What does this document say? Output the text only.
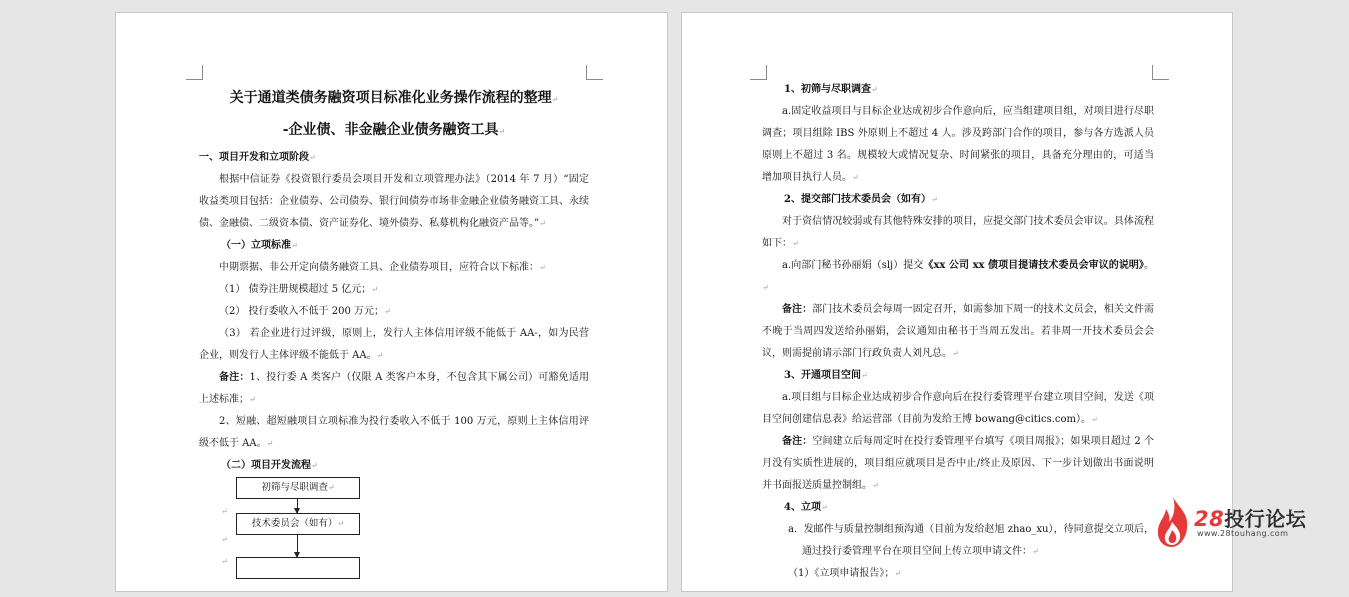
关于通道类债务融资项目标准化业务操作流程的整理↵

-企业债、非金融企业债务融资工具↵

一、项目开发和立项阶段↵

根据中信证券《投资银行委员会项目开发和立项管理办法》（2014 年 7 月）“固定收益类项目包括：企业债券、公司债券、银行间债券市场非金融企业债务融资工具、永续债、金融债、二级资本债、资产证券化、境外债券、私募机构化融资产品等。”↵

（一）立项标准↵

中期票据、非公开定向债务融资工具、企业债券项目，应符合以下标准：↵

（1） 债券注册规模超过 5 亿元；↵

（2） 投行委收入不低于 200 万元；↵

（3） 若企业进行过评级，原则上，发行人主体信用评级不能低于 AA-，如为民营企业，则发行人主体评级不能低于 AA。↵

备注：1、投行委 A 类客户（仅限 A 类客户本身，不包含其下属公司）可豁免适用上述标准；↵

2、短融、超短融项目立项标准为投行委收入不低于 100 万元，原则上主体信用评级不低于 AA。↵

（二）项目开发流程↵

初筛与尽职调查↵
↵
技术委员会（如有）↵
↵
↵

1、初筛与尽职调查↵

a.固定收益项目与目标企业达成初步合作意向后，应当组建项目组，对项目进行尽职调查；项目组除 IBS 外原则上不超过 4 人。涉及跨部门合作的项目，参与各方选派人员原则上不超过 3 名。规模较大或情况复杂、时间紧张的项目，具备充分理由的，可适当增加项目执行人员。↵

2、提交部门技术委员会（如有）↵

对于资信情况较弱或有其他特殊安排的项目，应提交部门技术委员会审议。具体流程如下：↵

a.向部门秘书孙丽娟（slj）提交《xx 公司 xx 债项目提请技术委员会审议的说明》。↵

备注：部门技术委员会每周一固定召开，如需参加下周一的技术文员会，相关文件需不晚于当周四发送给孙丽娟，会议通知由秘书于当周五发出。若非周一开技术委员会会议，则需提前请示部门行政负责人刘凡总。↵

3、开通项目空间↵

a.项目组与目标企业达成初步合作意向后在投行委管理平台建立项目空间，发送《项目空间创建信息表》给运营部（目前为发给王博 bowang@citics.com）。↵

备注：空间建立后每周定时在投行委管理平台填写《项目周报》；如果项目超过 2 个月没有实质性进展的，项目组应就项目是否中止/终止及原因、下一步计划做出书面说明并书面报送质量控制组。↵

4、立项↵

a. 发邮件与质量控制组预沟通（目前为发给赵旭 zhao_xu），待同意提交立项后，通过投行委管理平台在项目空间上传立项申请文件：↵

（1）《立项申请报告》；↵

28投行论坛
www.28touhang.com
